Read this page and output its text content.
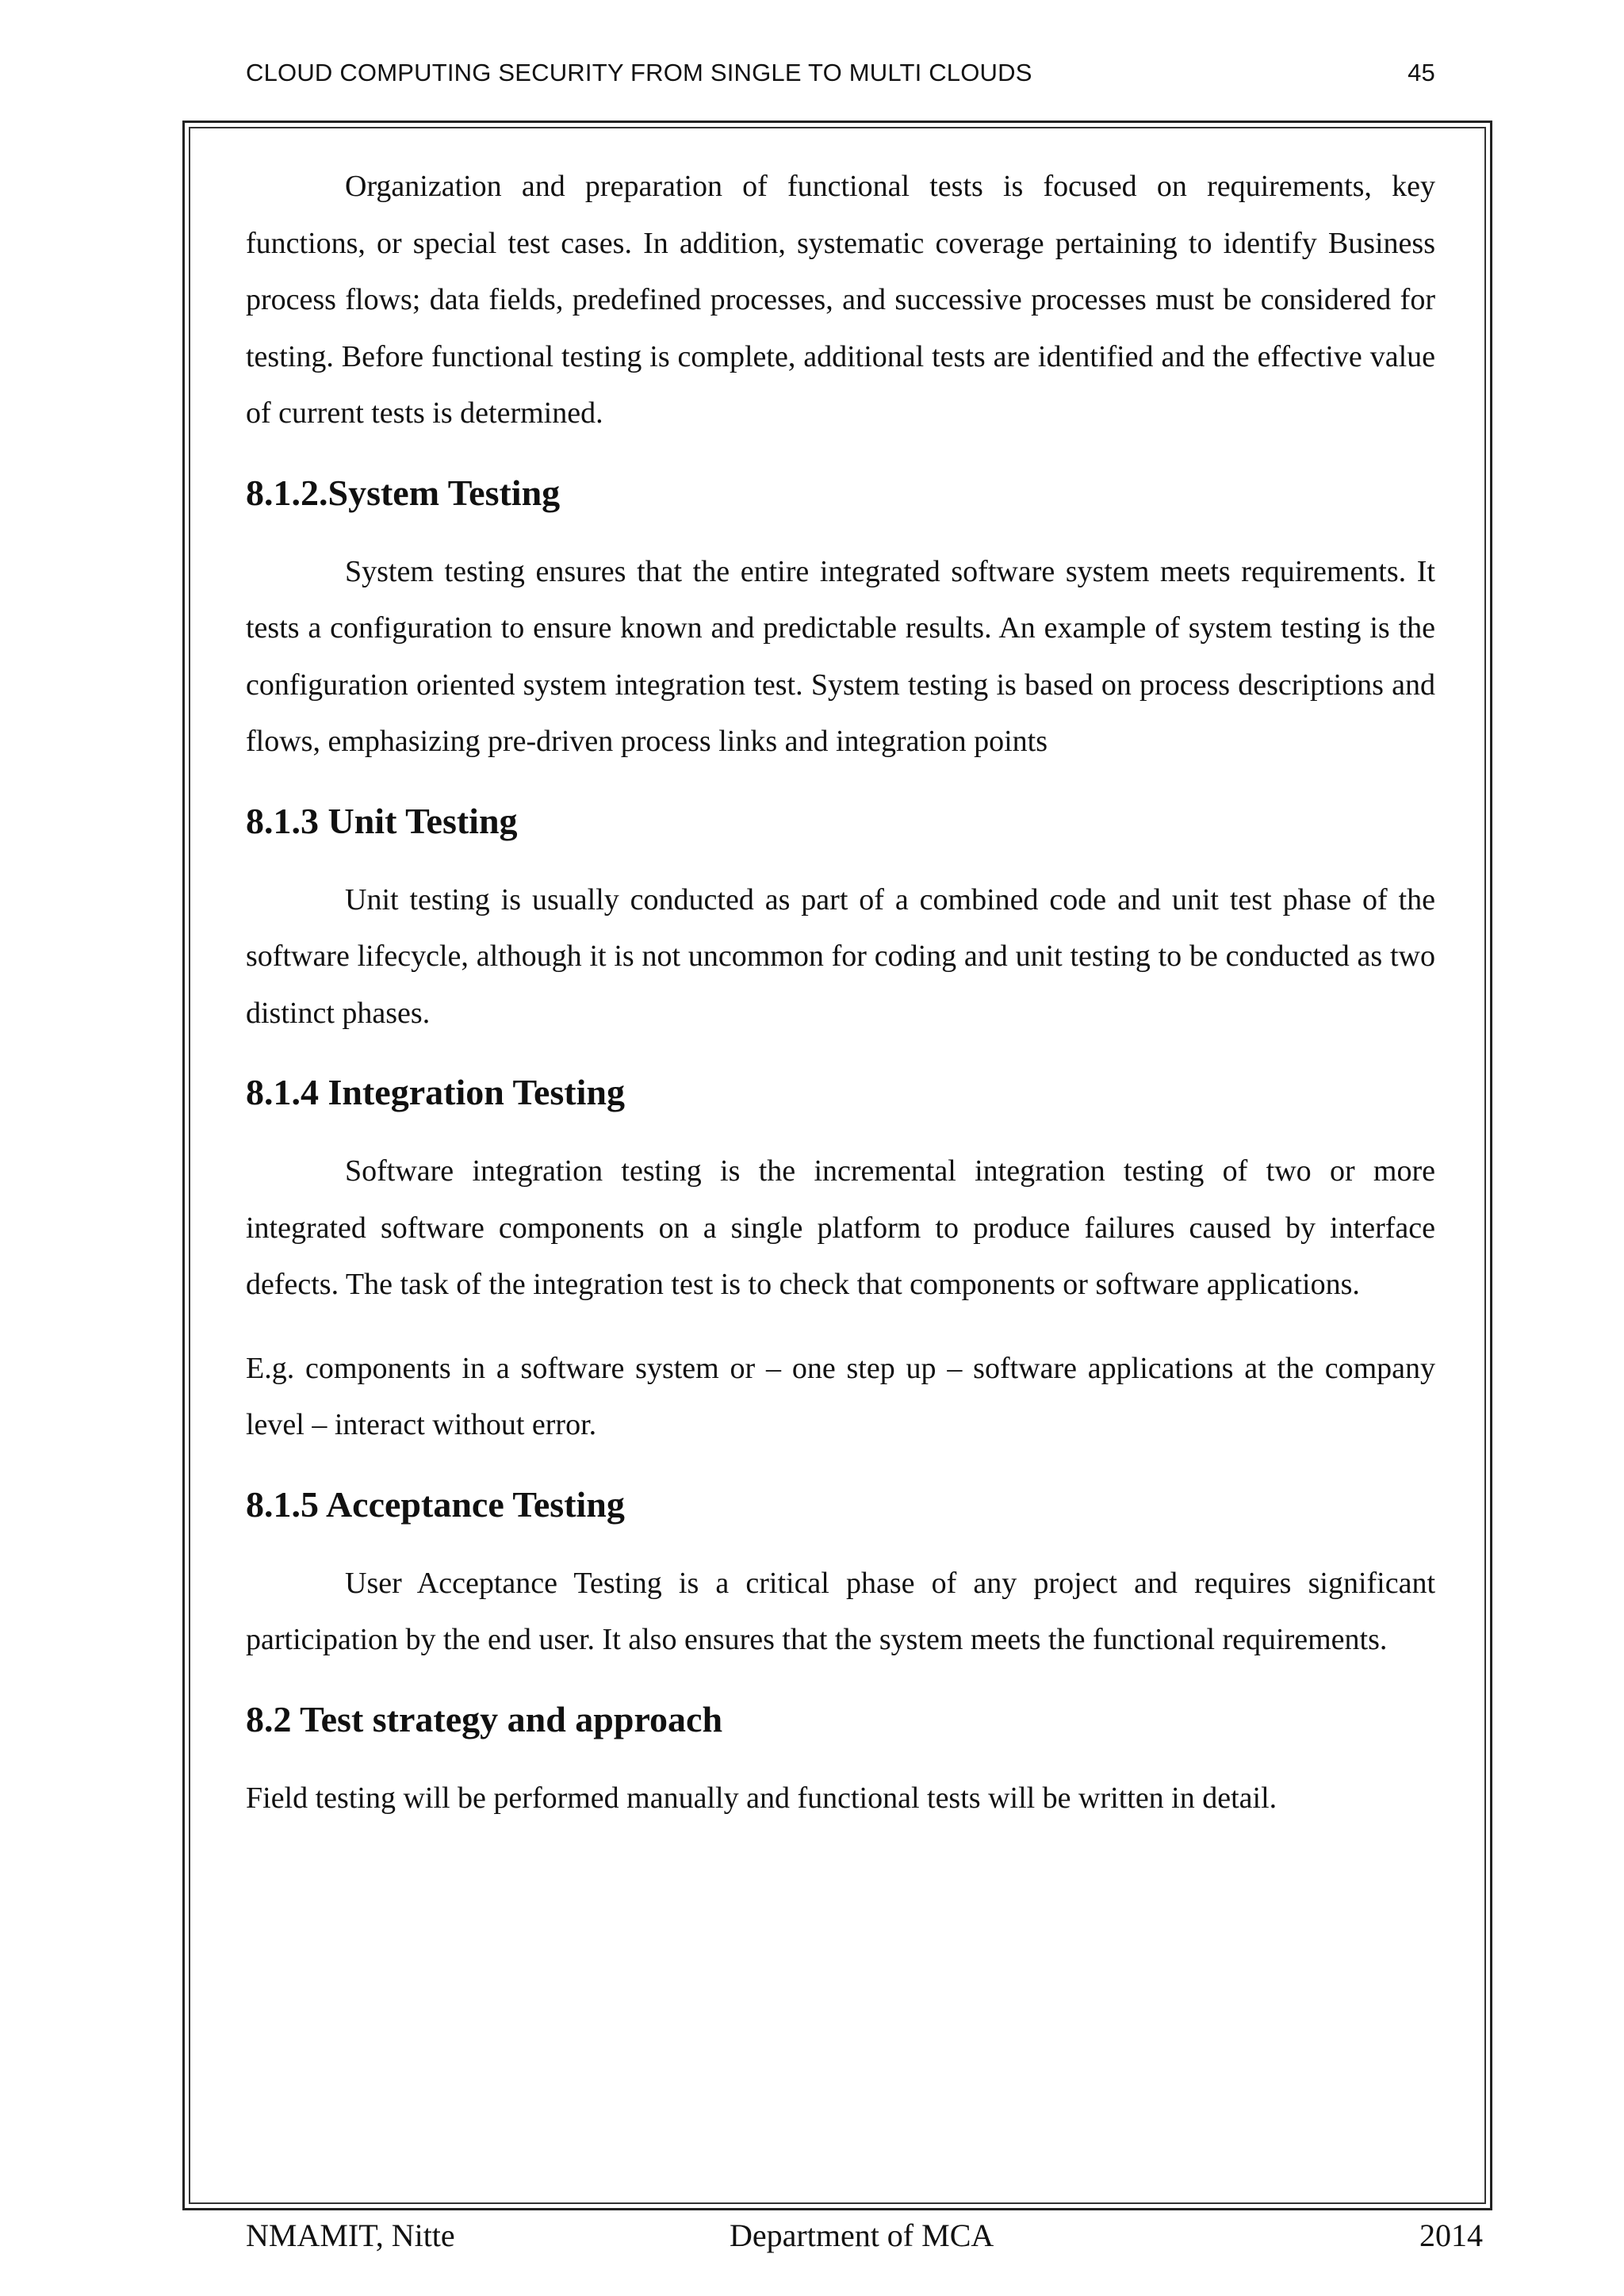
CLOUD COMPUTING SECURITY FROM SINGLE TO MULTI CLOUDS	45

Organization and preparation of functional tests is focused on requirements, key functions, or special test cases. In addition, systematic coverage pertaining to identify Business process flows; data fields, predefined processes, and successive processes must be considered for testing. Before functional testing is complete, additional tests are identified and the effective value of current tests is determined.

8.1.2.System Testing

System testing ensures that the entire integrated software system meets requirements. It tests a configuration to ensure known and predictable results. An example of system testing is the configuration oriented system integration test. System testing is based on process descriptions and flows, emphasizing pre-driven process links and integration points

8.1.3 Unit Testing

Unit testing is usually conducted as part of a combined code and unit test phase of the software lifecycle, although it is not uncommon for coding and unit testing to be conducted as two distinct phases.

8.1.4 Integration Testing

Software integration testing is the incremental integration testing of two or more integrated software components on a single platform to produce failures caused by interface defects. The task of the integration test is to check that components or software applications.

E.g. components in a software system or – one step up – software applications at the company level – interact without error.

8.1.5 Acceptance Testing

User Acceptance Testing is a critical phase of any project and requires significant participation by the end user. It also ensures that the system meets the functional requirements.

8.2 Test strategy and approach

Field testing will be performed manually and functional tests will be written in detail.

NMAMIT, Nitte	Department of MCA	2014
